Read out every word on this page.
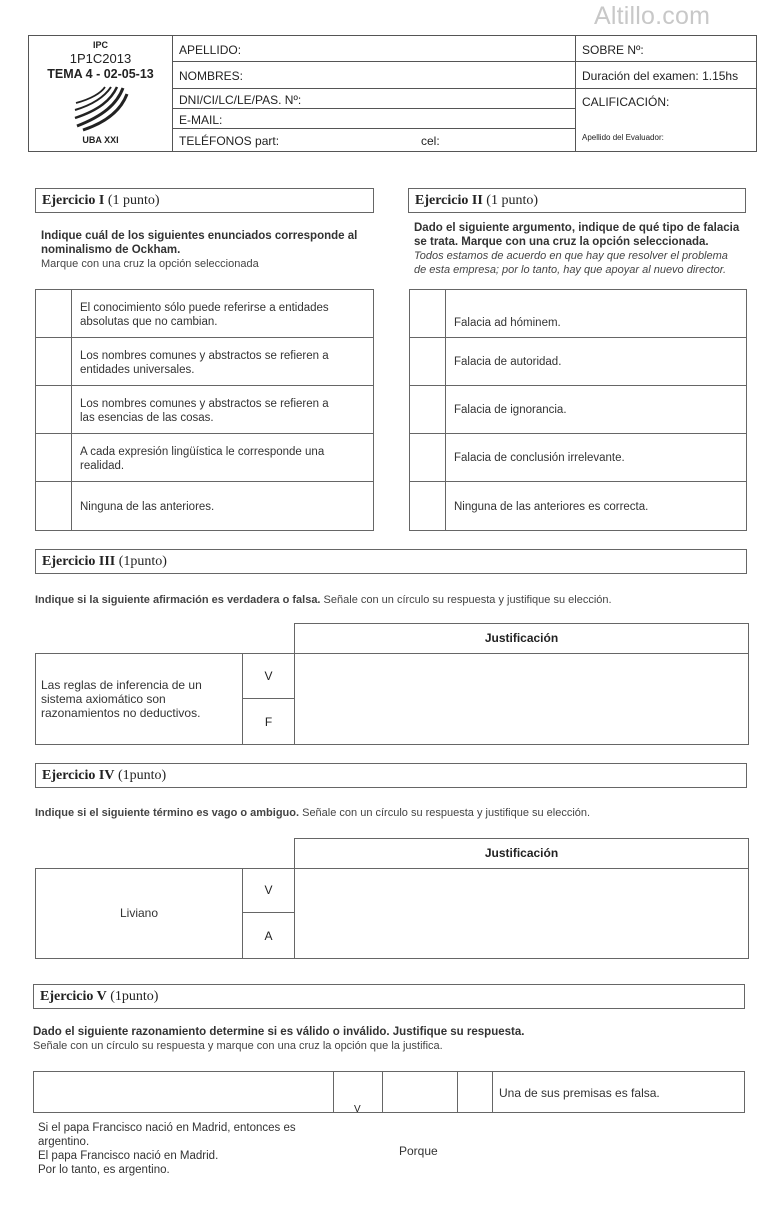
Altillo.com
IPC
1P1C2013
TEMA 4 - 02-05-13
UBA XXI
APELLIDO:
NOMBRES:
DNI/CI/LC/LE/PAS. Nº:
E-MAIL:
TELÉFONOS part:	cel:
SOBRE Nº:
Duración del examen: 1.15hs
CALIFICACIÓN:
Apellido del Evaluador:
Ejercicio I (1 punto)
Indique cuál de los siguientes enunciados corresponde al
nominalismo de Ockham.
Marque con una cruz la opción seleccionada
El conocimiento sólo puede referirse a entidades
absolutas que no cambian.
Los nombres comunes y abstractos se refieren a
entidades universales.
Los nombres comunes y abstractos se refieren a
las esencias de las cosas.
A cada expresión lingüística le corresponde una
realidad.
Ninguna de las anteriores.
Ejercicio II (1 punto)
Dado el siguiente argumento, indique de qué tipo de falacia
se trata. Marque con una cruz la opción seleccionada.
Todos estamos de acuerdo en que hay que resolver el problema
de esta empresa; por lo tanto, hay que apoyar al nuevo director.
Falacia ad hóminem.
Falacia de autoridad.
Falacia de ignorancia.
Falacia de conclusión irrelevante.
Ninguna de las anteriores es correcta.
Ejercicio III (1punto)
Indique si la siguiente afirmación es verdadera o falsa. Señale con un círculo su respuesta y justifique su elección.
Justificación
Las reglas de inferencia de un
sistema axiomático son
razonamientos no deductivos.
V
F
Ejercicio IV (1punto)
Indique si el siguiente término es vago o ambiguo. Señale con un círculo su respuesta y justifique su elección.
Justificación
Liviano
V
A
Ejercicio V (1punto)
Dado el siguiente razonamiento determine si es válido o inválido. Justifique su respuesta.
Señale con un círculo su respuesta y marque con una cruz la opción que la justifica.
V
Una de sus premisas es falsa.
Si el papa Francisco nació en Madrid, entonces es
argentino.
El papa Francisco nació en Madrid.
Por lo tanto, es argentino.
Porque
